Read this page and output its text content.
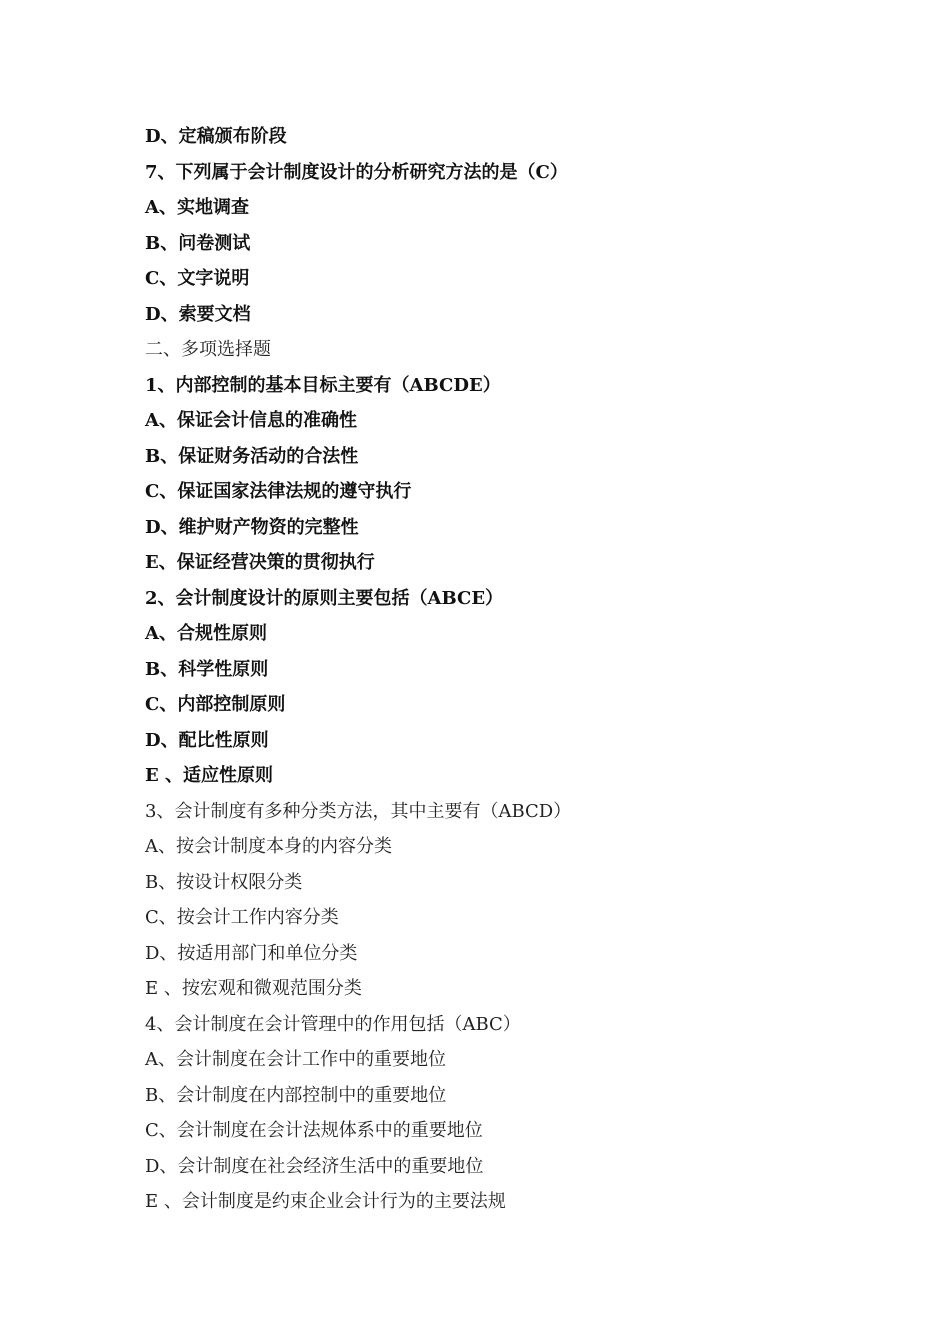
D、定稿颁布阶段
7、下列属于会计制度设计的分析研究方法的是（C）
A、实地调查
B、问卷测试
C、文字说明
D、索要文档
二、多项选择题
1、内部控制的基本目标主要有（ABCDE）
A、保证会计信息的准确性
B、保证财务活动的合法性
C、保证国家法律法规的遵守执行
D、维护财产物资的完整性
E、保证经营决策的贯彻执行
2、会计制度设计的原则主要包括（ABCE）
A、合规性原则
B、科学性原则
C、内部控制原则
D、配比性原则
E 、适应性原则
3、会计制度有多种分类方法，其中主要有（ABCD）
A、按会计制度本身的内容分类
B、按设计权限分类
C、按会计工作内容分类
D、按适用部门和单位分类
E 、按宏观和微观范围分类
4、会计制度在会计管理中的作用包括（ABC）
A、会计制度在会计工作中的重要地位
B、会计制度在内部控制中的重要地位
C、会计制度在会计法规体系中的重要地位
D、会计制度在社会经济生活中的重要地位
E 、会计制度是约束企业会计行为的主要法规
